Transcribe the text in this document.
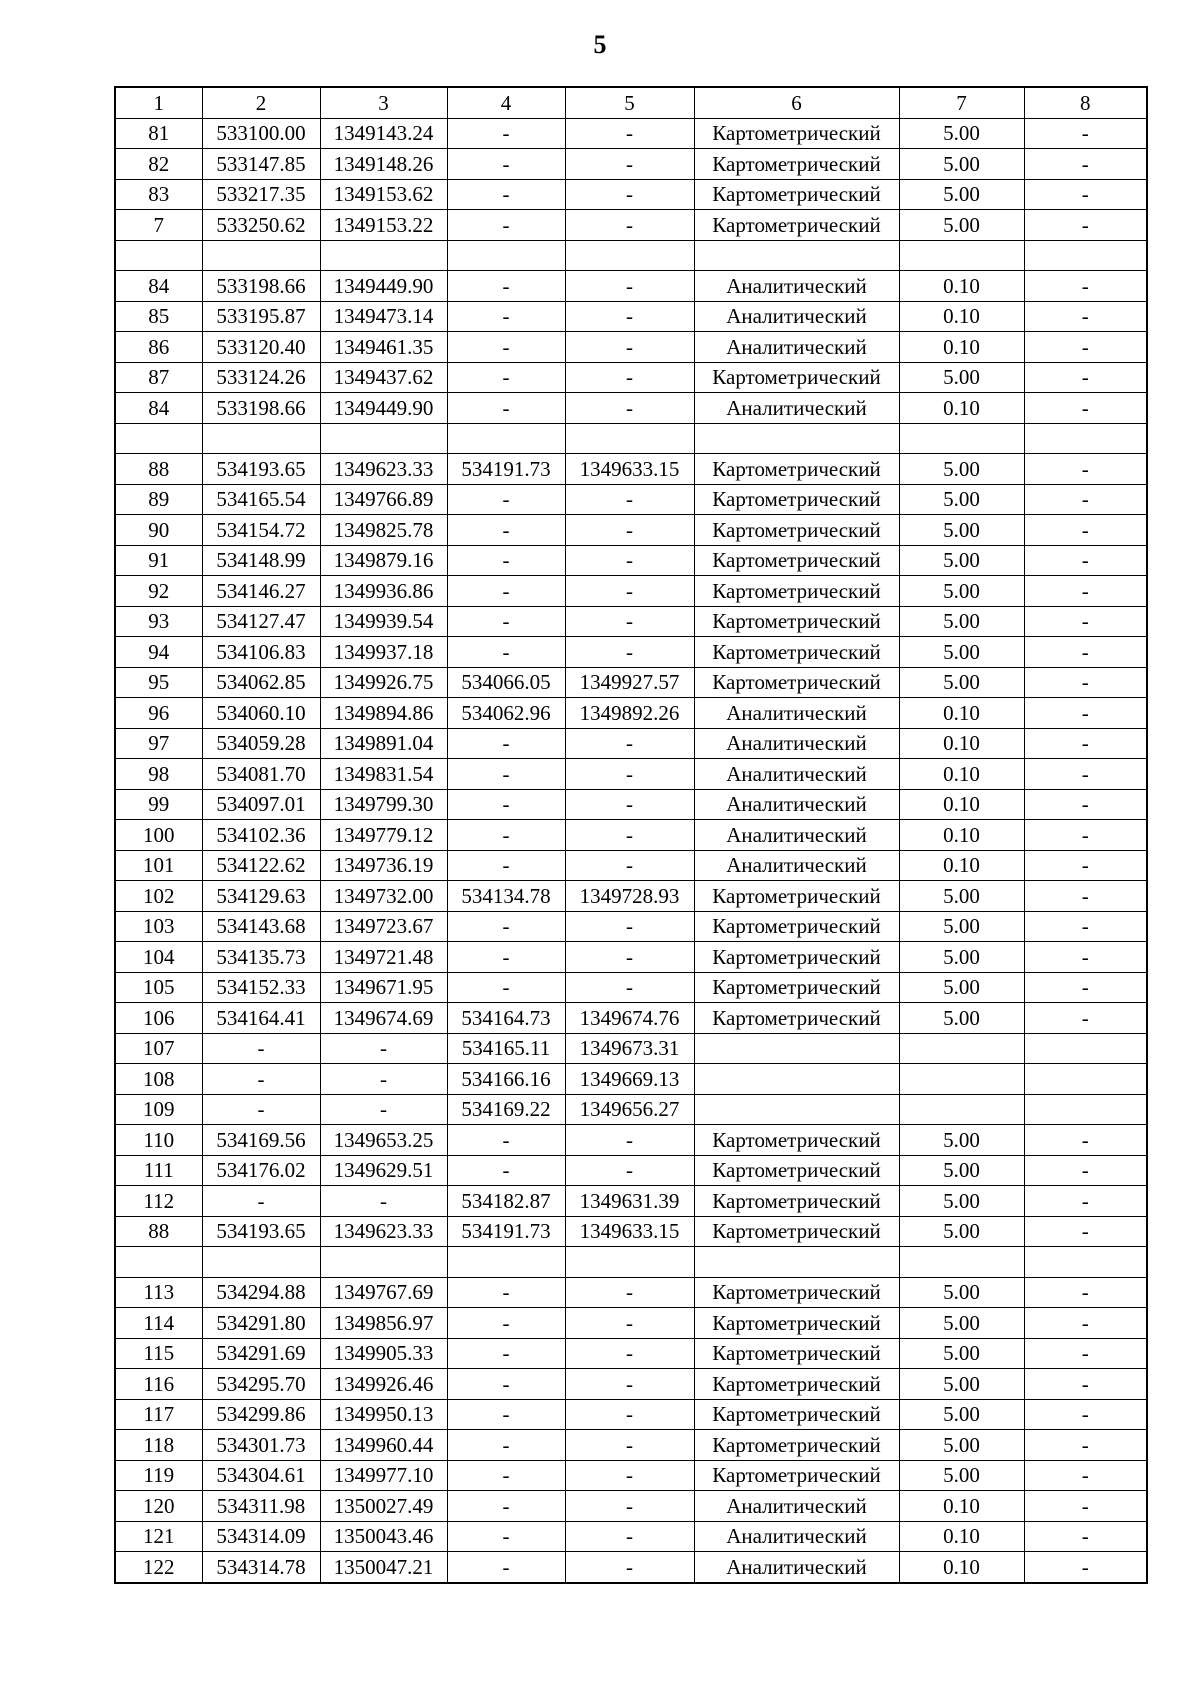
5
1	2	3	4	5	6	7	8
81	533100.00	1349143.24	-	-	Картометрический	5.00	-
82	533147.85	1349148.26	-	-	Картометрический	5.00	-
83	533217.35	1349153.62	-	-	Картометрический	5.00	-
7	533250.62	1349153.22	-	-	Картометрический	5.00	-

84	533198.66	1349449.90	-	-	Аналитический	0.10	-
85	533195.87	1349473.14	-	-	Аналитический	0.10	-
86	533120.40	1349461.35	-	-	Аналитический	0.10	-
87	533124.26	1349437.62	-	-	Картометрический	5.00	-
84	533198.66	1349449.90	-	-	Аналитический	0.10	-

88	534193.65	1349623.33	534191.73	1349633.15	Картометрический	5.00	-
89	534165.54	1349766.89	-	-	Картометрический	5.00	-
90	534154.72	1349825.78	-	-	Картометрический	5.00	-
91	534148.99	1349879.16	-	-	Картометрический	5.00	-
92	534146.27	1349936.86	-	-	Картометрический	5.00	-
93	534127.47	1349939.54	-	-	Картометрический	5.00	-
94	534106.83	1349937.18	-	-	Картометрический	5.00	-
95	534062.85	1349926.75	534066.05	1349927.57	Картометрический	5.00	-
96	534060.10	1349894.86	534062.96	1349892.26	Аналитический	0.10	-
97	534059.28	1349891.04	-	-	Аналитический	0.10	-
98	534081.70	1349831.54	-	-	Аналитический	0.10	-
99	534097.01	1349799.30	-	-	Аналитический	0.10	-
100	534102.36	1349779.12	-	-	Аналитический	0.10	-
101	534122.62	1349736.19	-	-	Аналитический	0.10	-
102	534129.63	1349732.00	534134.78	1349728.93	Картометрический	5.00	-
103	534143.68	1349723.67	-	-	Картометрический	5.00	-
104	534135.73	1349721.48	-	-	Картометрический	5.00	-
105	534152.33	1349671.95	-	-	Картометрический	5.00	-
106	534164.41	1349674.69	534164.73	1349674.76	Картометрический	5.00	-
107	-	-	534165.11	1349673.31			
108	-	-	534166.16	1349669.13			
109	-	-	534169.22	1349656.27			
110	534169.56	1349653.25	-	-	Картометрический	5.00	-
111	534176.02	1349629.51	-	-	Картометрический	5.00	-
112	-	-	534182.87	1349631.39	Картометрический	5.00	-
88	534193.65	1349623.33	534191.73	1349633.15	Картометрический	5.00	-

113	534294.88	1349767.69	-	-	Картометрический	5.00	-
114	534291.80	1349856.97	-	-	Картометрический	5.00	-
115	534291.69	1349905.33	-	-	Картометрический	5.00	-
116	534295.70	1349926.46	-	-	Картометрический	5.00	-
117	534299.86	1349950.13	-	-	Картометрический	5.00	-
118	534301.73	1349960.44	-	-	Картометрический	5.00	-
119	534304.61	1349977.10	-	-	Картометрический	5.00	-
120	534311.98	1350027.49	-	-	Аналитический	0.10	-
121	534314.09	1350043.46	-	-	Аналитический	0.10	-
122	534314.78	1350047.21	-	-	Аналитический	0.10	-
